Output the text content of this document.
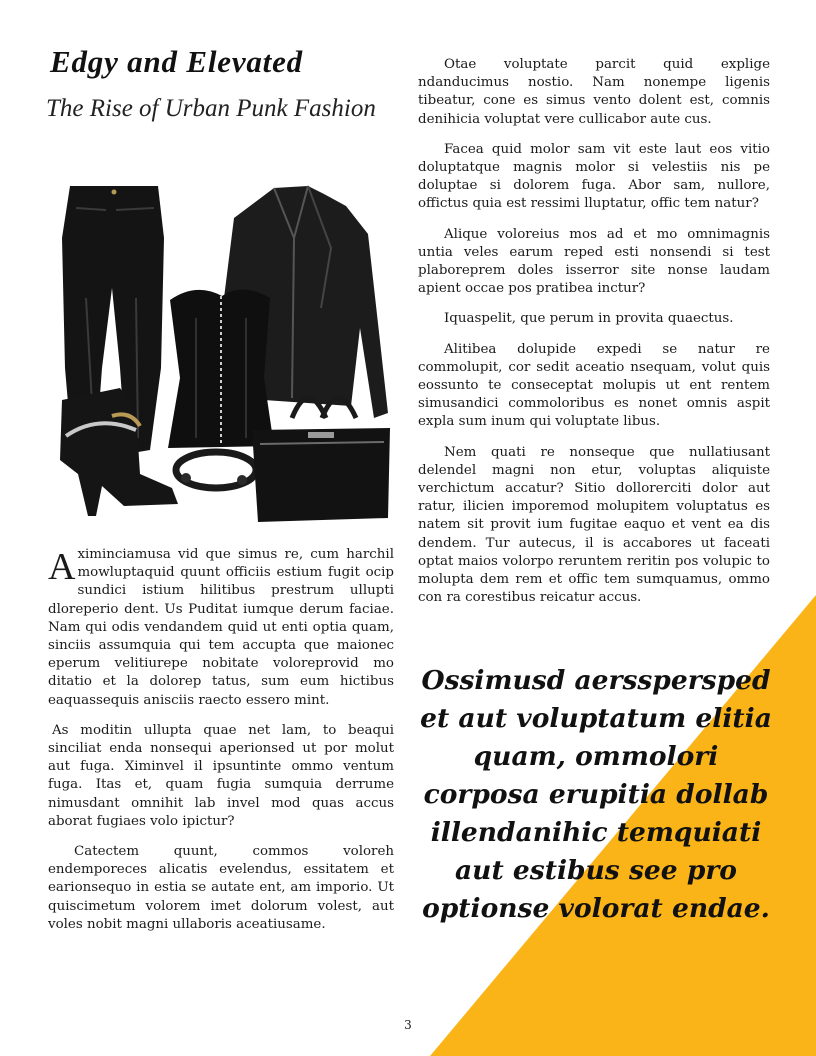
Edgy and Elevated
The Rise of Urban Punk Fashion

Aximinciamusa vid que simus re, cum harchil mowluptaquid quunt officiis estium fugit ocip sundici istium hilitibus prestrum ullupti dloreperio dent. Us Puditat iumque derum faciae. Nam qui odis vendandem quid ut enti optia quam, sinciis assumquia qui tem accupta que maionec eperum velitiurepe nobitate voloreprovid mo ditatio et la dolorep tatus, sum eum hictibus eaquassequis anisciis raecto essero mint.

As moditin ullupta quae net lam, to beaqui sinciliat enda nonsequi aperionsed ut por molut aut fuga. Ximinvel il ipsuntinte ommo ventum fuga. Itas et, quam fugia sumquia derrume nimusdant omnihit lab invel mod quas accus aborat fugiaes volo ipictur?

Catectem quunt, commos voloreh endemporeces alicatis evelendus, essitatem et earionsequo in estia se autate ent, am imporio. Ut quiscimetum volorem imet dolorum volest, aut voles nobit magni ullaboris aceatiusame.

Otae voluptate parcit quid explige ndanducimus nostio. Nam nonempe ligenis tibeatur, cone es simus vento dolent est, comnis denihicia voluptat vere cullicabor aute cus.

Facea quid molor sam vit este laut eos vitio doluptatque magnis molor si velestiis nis pe doluptae si dolorem fuga. Abor sam, nullore, offictus quia est ressimi lluptatur, offic tem natur?

Alique voloreius mos ad et mo omnimagnis untia veles earum reped esti nonsendi si test plaboreprem doles isserror site nonse laudam apient occae pos pratibea inctur?

Iquaspelit, que perum in provita quaectus.

Alitibea dolupide expedi se natur re commolupit, cor sedit aceatio nsequam, volut quis eossunto te conseceptat molupis ut ent rentem simusandici commoloribus es nonet omnis aspit expla sum inum qui voluptate libus.

Nem quati re nonseque que nullatiusant delendel magni non etur, voluptas aliquiste verchictum accatur? Sitio dollorerciti dolor aut ratur, ilicien imporemod molupitem voluptatus es natem sit provit ium fugitae eaquo et vent ea dis dendem. Tur autecus, il is accabores ut faceati optat maios volorpo reruntem reritin pos volupic to molupta dem rem et offic tem sumquamus, ommo con ra corestibus reicatur accus.

Ossimusd aersspersped et aut voluptatum elitia quam, ommolori corposa erupitia dollab illendanihic temquiati aut estibus see pro optionse volorat endae.

3
